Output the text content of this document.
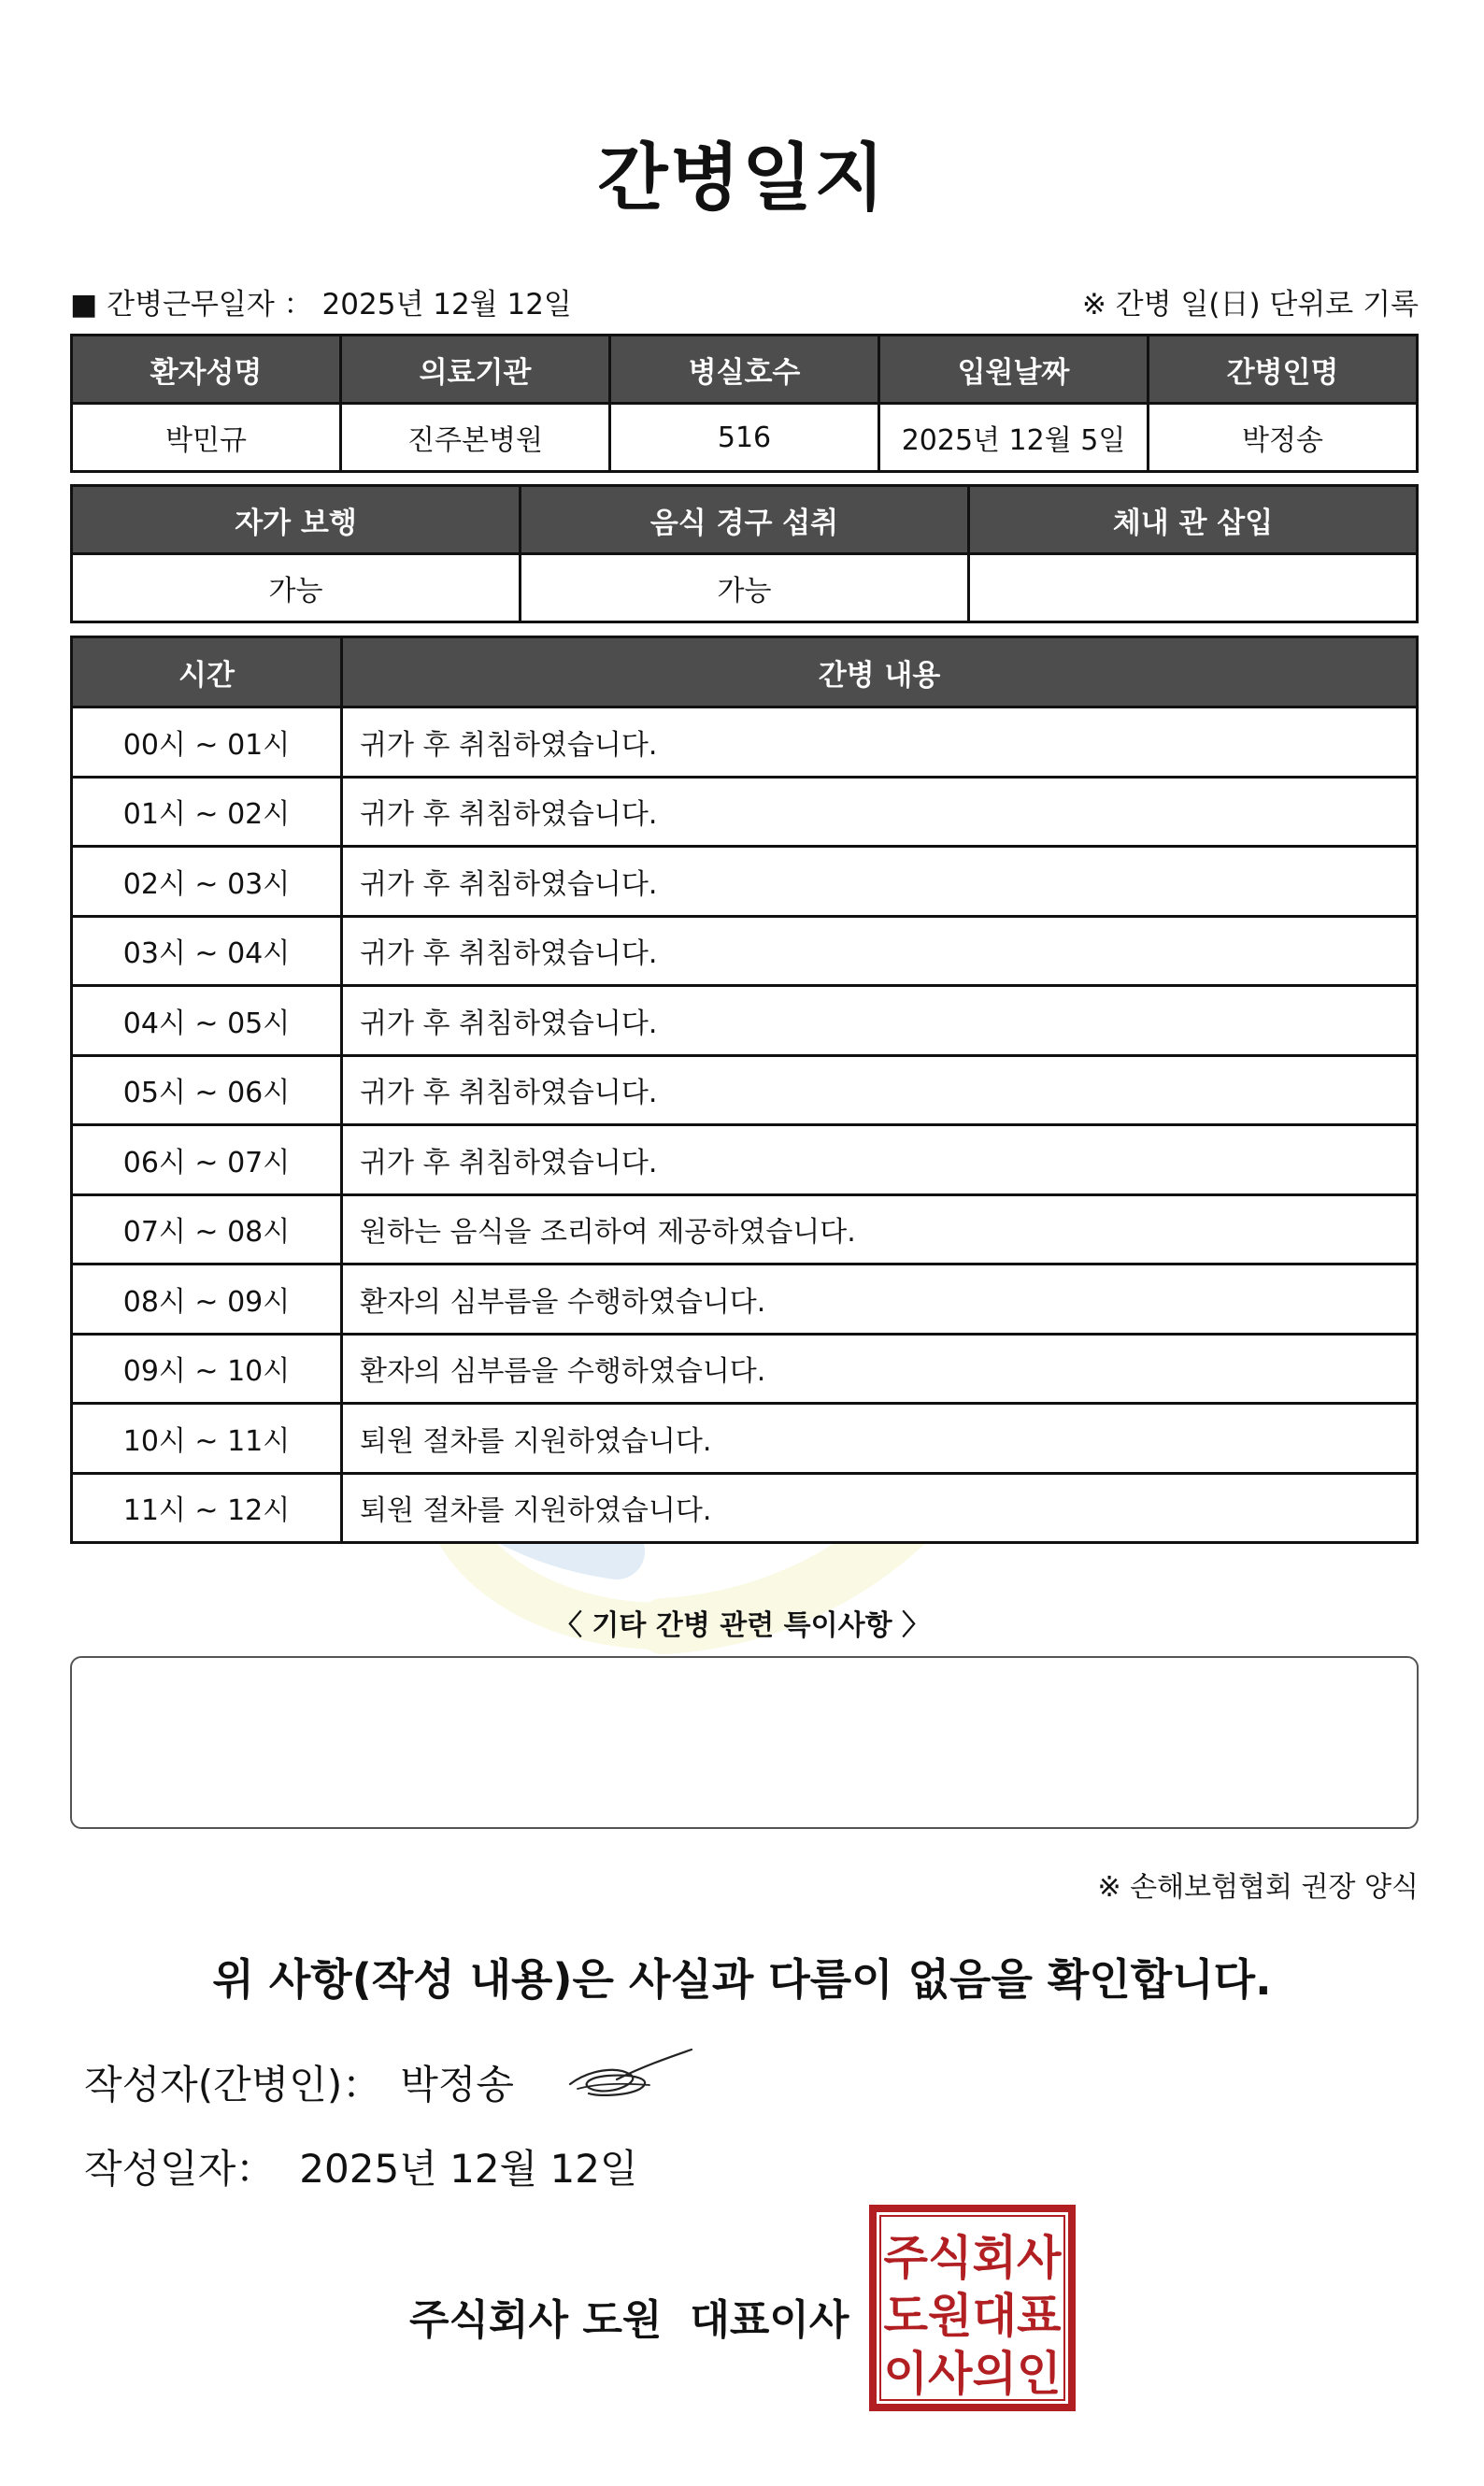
간병일지
■ 간병근무일자 ： 2025년 12월 12일	※ 간병 일(日) 단위로 기록
환자성명	의료기관	병실호수	입원날짜	간병인명
박민규	진주본병원	516	2025년 12월 5일	박정송
자가 보행	음식 경구 섭취	체내 관 삽입
가능	가능	
시간	간병 내용
00시 ~ 01시	귀가 후 취침하였습니다.
01시 ~ 02시	귀가 후 취침하였습니다.
02시 ~ 03시	귀가 후 취침하였습니다.
03시 ~ 04시	귀가 후 취침하였습니다.
04시 ~ 05시	귀가 후 취침하였습니다.
05시 ~ 06시	귀가 후 취침하였습니다.
06시 ~ 07시	귀가 후 취침하였습니다.
07시 ~ 08시	원하는 음식을 조리하여 제공하였습니다.
08시 ~ 09시	환자의 심부름을 수행하였습니다.
09시 ~ 10시	환자의 심부름을 수행하였습니다.
10시 ~ 11시	퇴원 절차를 지원하였습니다.
11시 ~ 12시	퇴원 절차를 지원하였습니다.
〈 기타 간병 관련 특이사항 〉
※ 손해보험협회 권장 양식
위 사항(작성 내용)은 사실과 다름이 없음을 확인합니다.
작성자(간병인)： 박정송
작성일자： 2025년 12월 12일
주식회사 도원 대표이사
주식회사
도원대표
이사의인
